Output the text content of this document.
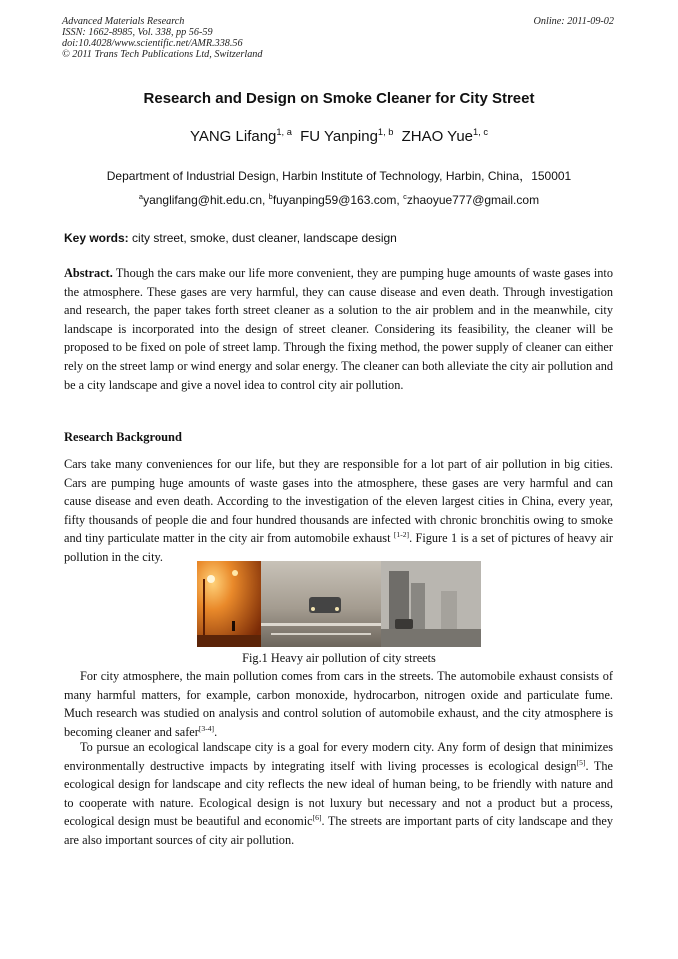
Advanced Materials Research
ISSN: 1662-8985, Vol. 338, pp 56-59
doi:10.4028/www.scientific.net/AMR.338.56
© 2011 Trans Tech Publications Ltd, Switzerland
Online: 2011-09-02
Research and Design on Smoke Cleaner for City Street
YANG Lifang$^{1, a}$ FU Yanping$^{1, b}$ ZHAO Yue$^{1, c}$
Department of Industrial Design, Harbin Institute of Technology, Harbin, China，150001
$^a$yanglifang@hit.edu.cn, $^b$fuyanping59@163.com, $^c$zhaoyue777@gmail.com
Key words: city street, smoke, dust cleaner, landscape design
Abstract. Though the cars make our life more convenient, they are pumping huge amounts of waste gases into the atmosphere. These gases are very harmful, they can cause disease and even death. Through investigation and research, the paper takes forth street cleaner as a solution to the air problem and in the meanwhile, city landscape is incorporated into the design of street cleaner. Considering its feasibility, the cleaner will be proposed to be fixed on pole of street lamp. Through the fixing method, the power supply of cleaner can either rely on the street lamp or wind energy and solar energy. The cleaner can both alleviate the city air pollution and be a city landscape and give a novel idea to control city air pollution.
Research Background
Cars take many conveniences for our life, but they are responsible for a lot part of air pollution in big cities. Cars are pumping huge amounts of waste gases into the atmosphere, these gases are very harmful and can cause disease and even death. According to the investigation of the eleven largest cities in China, every year, fifty thousands of people die and four hundred thousands are infected with chronic bronchitis owing to smoke and tiny particulate matter in the city air from automobile exhaust [1-2]. Figure 1 is a set of pictures of heavy air pollution in the city.
Fig.1 Heavy air pollution of city streets
For city atmosphere, the main pollution comes from cars in the streets. The automobile exhaust consists of many harmful matters, for example, carbon monoxide, hydrocarbon, nitrogen oxide and particulate fume. Much research was studied on analysis and control solution of automobile exhaust, and the city atmosphere is becoming cleaner and safer[3-4].
To pursue an ecological landscape city is a goal for every modern city. Any form of design that minimizes environmentally destructive impacts by integrating itself with living processes is ecological design[5]. The ecological design for landscape and city reflects the new ideal of human being, to be friendly with nature and to cooperate with nature. Ecological design is not luxury but necessary and not a product but a process, ecological design must be beautiful and economic[6]. The streets are important parts of city landscape and they are also important sources of city air pollution.
